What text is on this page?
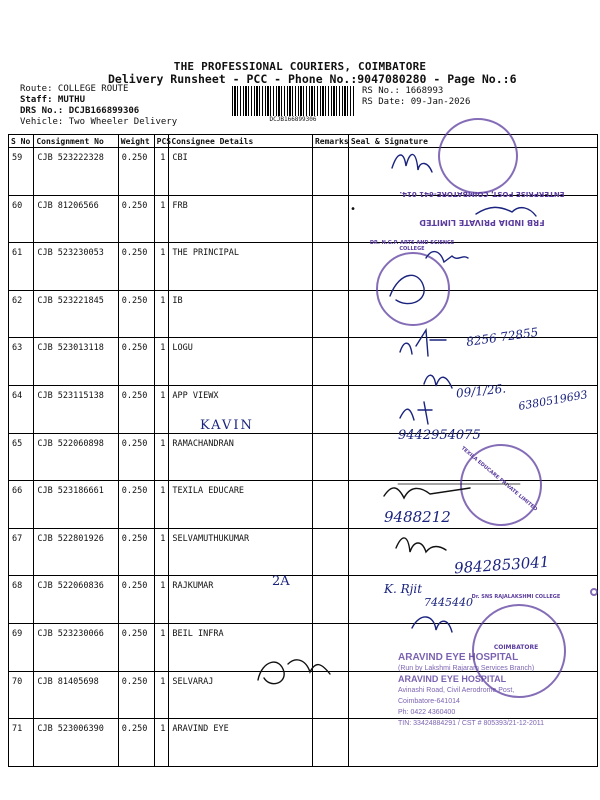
THE PROFESSIONAL COURIERS, COIMBATORE
Delivery Runsheet - PCC - Phone No.:9047080280 - Page No.:6
Route: COLLEGE ROUTE
Staff: MUTHU
DRS No.: DCJB166899306
Vehicle: Two Wheeler Delivery	DCJB166899306
RS No.: 1668993
RS Date: 09-Jan-2026
S No	Consignment No	Weight	PCS	Consignee Details	Remarks	Seal & Signature
59	CJB 523222328	0.250	1	CBI		
60	CJB 81206566	0.250	1	FRB		
61	CJB 523230053	0.250	1	THE PRINCIPAL		
62	CJB 523221845	0.250	1	IB		
63	CJB 523013118	0.250	1	LOGU		
64	CJB 523115138	0.250	1	APP VIEWX		
65	CJB 522060898	0.250	1	RAMACHANDRAN		
66	CJB 523186661	0.250	1	TEXILA EDUCARE		
67	CJB 522801926	0.250	1	SELVAMUTHUKUMAR		
68	CJB 522060836	0.250	1	RAJKUMAR		
69	CJB 523230066	0.250	1	BEIL INFRA		
70	CJB 81405698	0.250	1	SELVARAJ		
71	CJB 523006390	0.250	1	ARAVIND EYE		
FRB INDIA PRIVATE LIMITED
ENTERPRISE POST, COIMBATORE-641 014.
DR. N.G.P. ARTS AND SCIENCE COLLEGE
TEXILA EDUCARE PRIVATE LIMITED
Dr. SNS RAJALAKSHMI COLLEGE
COIMBATORE
ARAVIND EYE HOSPITAL
(Run by Lakshmi Rajaram Services Branch)
ARAVIND EYE HOSPITAL
Avinashi Road, Civil Aerodrome Post,
Coimbatore-641014
Ph: 0422 4360400
TIN: 33424884291 / CST # 805393/21-12-2011
8256 72855
09/1/26. 6380519693
KAVIN
9442954075
9488212
9842853041
2A
7445440
K. Rjit
•
